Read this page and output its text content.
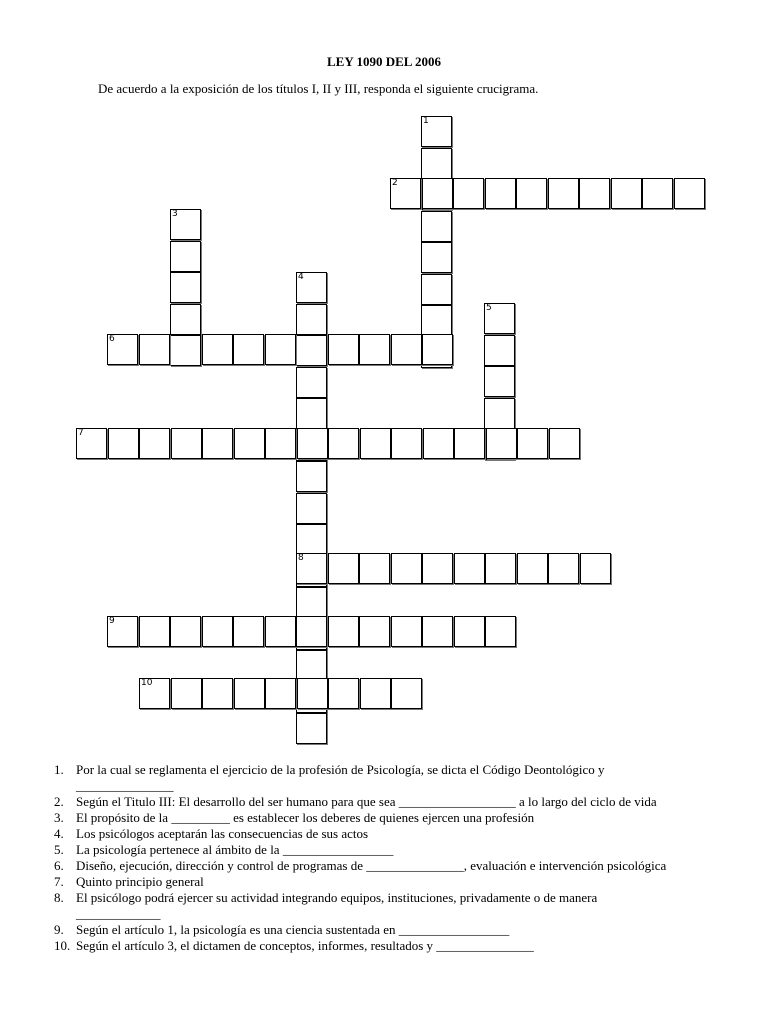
LEY 1090 DEL 2006
De acuerdo a la exposición de los títulos I, II y III, responda el siguiente crucigrama.
1
2
3
4
5
6
7
8
9
10
1. Por la cual se reglamenta el ejercicio de la profesión de Psicología, se dicta el Código Deontológico y
_______________
2. Según el Titulo III: El desarrollo del ser humano para que sea __________________ a lo largo del ciclo de vida
3. El propósito de la _________ es establecer los deberes de quienes ejercen una profesión
4. Los psicólogos aceptarán las consecuencias de sus actos
5. La psicología pertenece al ámbito de la _________________
6. Diseño, ejecución, dirección y control de programas de _______________, evaluación e intervención psicológica
7. Quinto principio general
8. El psicólogo podrá ejercer su actividad integrando equipos, instituciones, privadamente o de manera
_____________
9. Según el artículo 1, la psicología es una ciencia sustentada en _________________
10. Según el artículo 3, el dictamen de conceptos, informes, resultados y _______________
